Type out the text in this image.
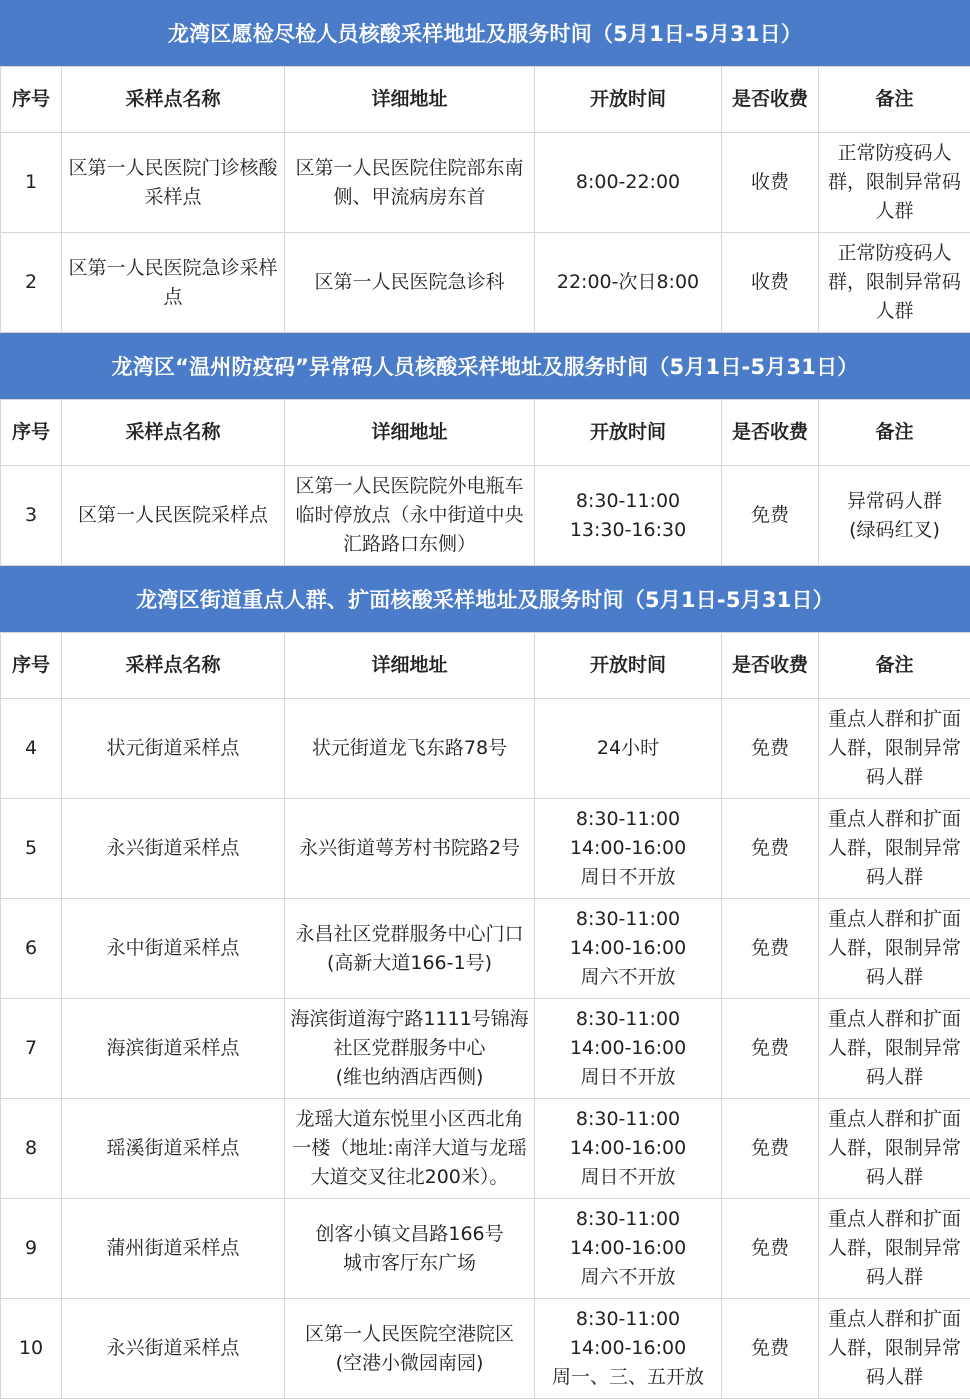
龙湾区愿检尽检人员核酸采样地址及服务时间（5月1日-5月31日）
序号	采样点名称	详细地址	开放时间	是否收费	备注
1	区第一人民医院门诊核酸采样点	区第一人民医院住院部东南侧、甲流病房东首	8:00-22:00	收费	正常防疫码人群，限制异常码人群
2	区第一人民医院急诊采样点	区第一人民医院急诊科	22:00-次日8:00	收费	正常防疫码人群，限制异常码人群
龙湾区“温州防疫码”异常码人员核酸采样地址及服务时间（5月1日-5月31日）
序号	采样点名称	详细地址	开放时间	是否收费	备注
3	区第一人民医院采样点	区第一人民医院院外电瓶车临时停放点（永中街道中央汇路路口东侧）	8:30-11:00
13:30-16:30	免费	异常码人群
(绿码红叉)
龙湾区街道重点人群、扩面核酸采样地址及服务时间（5月1日-5月31日）
序号	采样点名称	详细地址	开放时间	是否收费	备注
4	状元街道采样点	状元街道龙飞东路78号	24小时	免费	重点人群和扩面人群，限制异常码人群
5	永兴街道采样点	永兴街道萼芳村书院路2号	8:30-11:00
14:00-16:00
周日不开放	免费	重点人群和扩面人群，限制异常码人群
6	永中街道采样点	永昌社区党群服务中心门口
(高新大道166-1号)	8:30-11:00
14:00-16:00
周六不开放	免费	重点人群和扩面人群，限制异常码人群
7	海滨街道采样点	海滨街道海宁路1111号锦海社区党群服务中心
(维也纳酒店西侧)	8:30-11:00
14:00-16:00
周日不开放	免费	重点人群和扩面人群，限制异常码人群
8	瑶溪街道采样点	龙瑶大道东悦里小区西北角一楼（地址:南洋大道与龙瑶大道交叉往北200米）。	8:30-11:00
14:00-16:00
周日不开放	免费	重点人群和扩面人群，限制异常码人群
9	蒲州街道采样点	创客小镇文昌路166号
城市客厅东广场	8:30-11:00
14:00-16:00
周六不开放	免费	重点人群和扩面人群，限制异常码人群
10	永兴街道采样点	区第一人民医院空港院区
(空港小微园南园)	8:30-11:00
14:00-16:00
周一、三、五开放	免费	重点人群和扩面人群，限制异常码人群
